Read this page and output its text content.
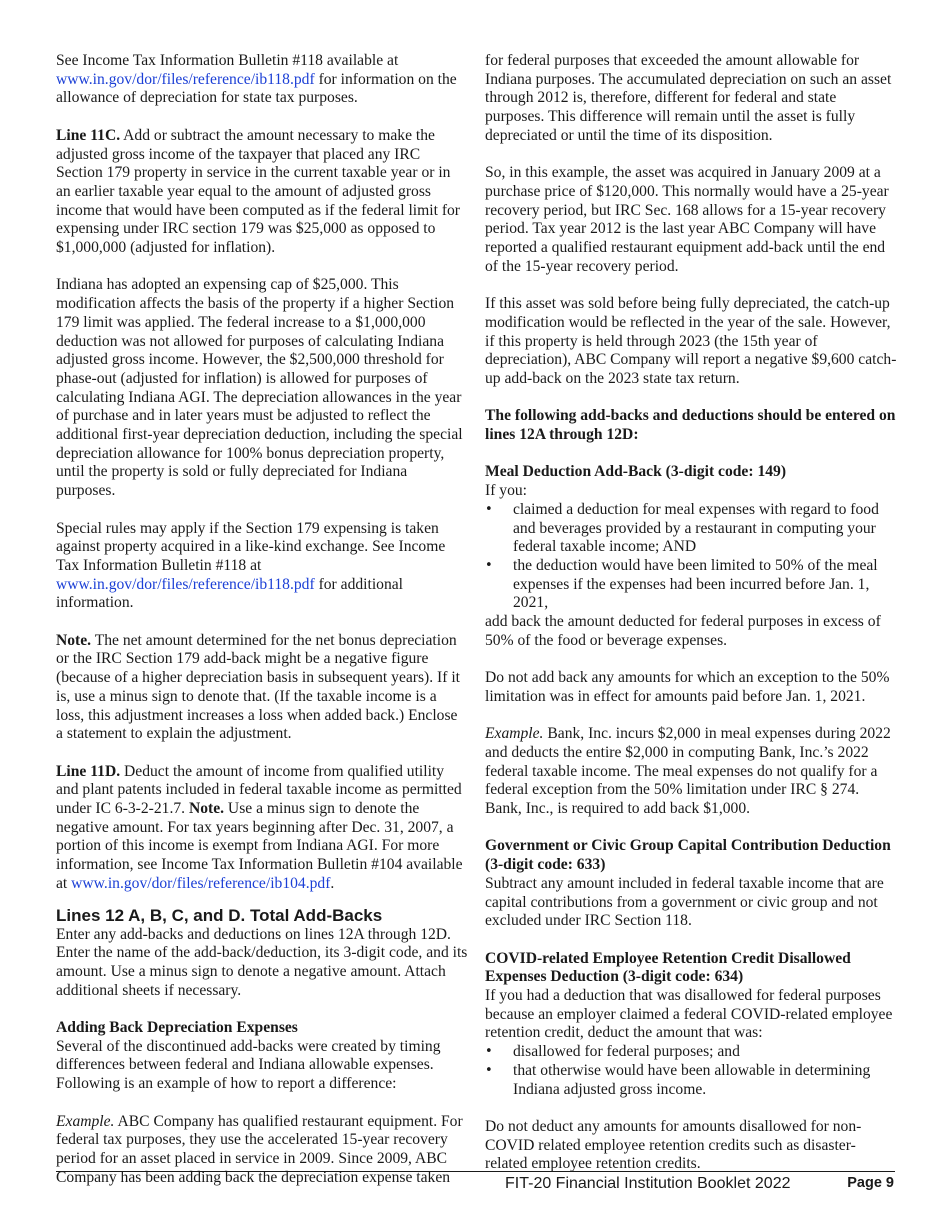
See Income Tax Information Bulletin #118 available at www.in.gov/dor/files/reference/ib118.pdf for information on the allowance of depreciation for state tax purposes.

Line 11C. Add or subtract the amount necessary to make the adjusted gross income of the taxpayer that placed any IRC Section 179 property in service in the current taxable year or in an earlier taxable year equal to the amount of adjusted gross income that would have been computed as if the federal limit for expensing under IRC section 179 was $25,000 as opposed to $1,000,000 (adjusted for inflation).

Indiana has adopted an expensing cap of $25,000. This modification affects the basis of the property if a higher Section 179 limit was applied. The federal increase to a $1,000,000 deduction was not allowed for purposes of calculating Indiana adjusted gross income. However, the $2,500,000 threshold for phase-out (adjusted for inflation) is allowed for purposes of calculating Indiana AGI. The depreciation allowances in the year of purchase and in later years must be adjusted to reflect the additional first-year depreciation deduction, including the special depreciation allowance for 100% bonus depreciation property, until the property is sold or fully depreciated for Indiana purposes.

Special rules may apply if the Section 179 expensing is taken against property acquired in a like-kind exchange. See Income Tax Information Bulletin #118 at www.in.gov/dor/files/reference/ib118.pdf for additional information.

Note. The net amount determined for the net bonus depreciation or the IRC Section 179 add-back might be a negative figure (because of a higher depreciation basis in subsequent years). If it is, use a minus sign to denote that. (If the taxable income is a loss, this adjustment increases a loss when added back.) Enclose a statement to explain the adjustment.

Line 11D. Deduct the amount of income from qualified utility and plant patents included in federal taxable income as permitted under IC 6-3-2-21.7. Note. Use a minus sign to denote the negative amount. For tax years beginning after Dec. 31, 2007, a portion of this income is exempt from Indiana AGI. For more information, see Income Tax Information Bulletin #104 available at www.in.gov/dor/files/reference/ib104.pdf.

Lines 12 A, B, C, and D. Total Add-Backs

Enter any add-backs and deductions on lines 12A through 12D. Enter the name of the add-back/deduction, its 3-digit code, and its amount. Use a minus sign to denote a negative amount. Attach additional sheets if necessary.

Adding Back Depreciation Expenses

Several of the discontinued add-backs were created by timing differences between federal and Indiana allowable expenses. Following is an example of how to report a difference:

Example. ABC Company has qualified restaurant equipment. For federal tax purposes, they use the accelerated 15-year recovery period for an asset placed in service in 2009. Since 2009, ABC Company has been adding back the depreciation expense taken

for federal purposes that exceeded the amount allowable for Indiana purposes. The accumulated depreciation on such an asset through 2012 is, therefore, different for federal and state purposes. This difference will remain until the asset is fully depreciated or until the time of its disposition.

So, in this example, the asset was acquired in January 2009 at a purchase price of $120,000. This normally would have a 25-year recovery period, but IRC Sec. 168 allows for a 15-year recovery period. Tax year 2012 is the last year ABC Company will have reported a qualified restaurant equipment add-back until the end of the 15-year recovery period.

If this asset was sold before being fully depreciated, the catch-up modification would be reflected in the year of the sale. However, if this property is held through 2023 (the 15th year of depreciation), ABC Company will report a negative $9,600 catch-up add-back on the 2023 state tax return.

The following add-backs and deductions should be entered on lines 12A through 12D:

Meal Deduction Add-Back (3-digit code: 149)
If you:
• claimed a deduction for meal expenses with regard to food and beverages provided by a restaurant in computing your federal taxable income; AND
• the deduction would have been limited to 50% of the meal expenses if the expenses had been incurred before Jan. 1, 2021,

add back the amount deducted for federal purposes in excess of 50% of the food or beverage expenses.

Do not add back any amounts for which an exception to the 50% limitation was in effect for amounts paid before Jan. 1, 2021.

Example. Bank, Inc. incurs $2,000 in meal expenses during 2022 and deducts the entire $2,000 in computing Bank, Inc.’s 2022 federal taxable income. The meal expenses do not qualify for a federal exception from the 50% limitation under IRC § 274. Bank, Inc., is required to add back $1,000.

Government or Civic Group Capital Contribution Deduction (3-digit code: 633)

Subtract any amount included in federal taxable income that are capital contributions from a government or civic group and not excluded under IRC Section 118.

COVID-related Employee Retention Credit Disallowed Expenses Deduction (3-digit code: 634)
If you had a deduction that was disallowed for federal purposes because an employer claimed a federal COVID-related employee retention credit, deduct the amount that was:
• disallowed for federal purposes; and
• that otherwise would have been allowable in determining Indiana adjusted gross income.

Do not deduct any amounts for amounts disallowed for non-COVID related employee retention credits such as disaster-related employee retention credits.

FIT-20 Financial Institution Booklet 2022	Page 9
